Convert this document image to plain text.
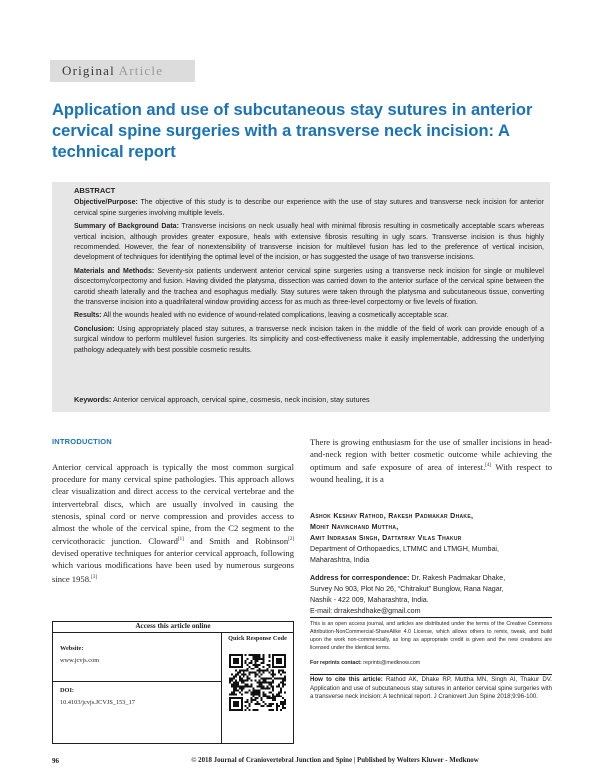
Original Article
Application and use of subcutaneous stay sutures in anterior cervical spine surgeries with a transverse neck incision: A technical report
ABSTRACT

Objective/Purpose: The objective of this study is to describe our experience with the use of stay sutures and transverse neck incision for anterior cervical spine surgeries involving multiple levels.

Summary of Background Data: Transverse incisions on neck usually heal with minimal fibrosis resulting in cosmetically acceptable scars whereas vertical incision, although provides greater exposure, heals with extensive fibrosis resulting in ugly scars. Transverse incision is thus highly recommended. However, the fear of nonextensibility of transverse incision for multilevel fusion has led to the preference of vertical incision, development of techniques for identifying the optimal level of the incision, or has suggested the usage of two transverse incisions.

Materials and Methods: Seventy-six patients underwent anterior cervical spine surgeries using a transverse neck incision for single or multilevel discectomy/corpectomy and fusion. Having divided the platysma, dissection was carried down to the anterior surface of the cervical spine between the carotid sheath laterally and the trachea and esophagus medially. Stay sutures were taken through the platysma and subcutaneous tissue, converting the transverse incision into a quadrilateral window providing access for as much as three-level corpectomy or five levels of fixation.

Results: All the wounds healed with no evidence of wound-related complications, leaving a cosmetically acceptable scar.

Conclusion: Using appropriately placed stay sutures, a transverse neck incision taken in the middle of the field of work can provide enough of a surgical window to perform multilevel fusion surgeries. Its simplicity and cost-effectiveness make it easily implementable, addressing the underlying pathology adequately with best possible cosmetic results.

Keywords: Anterior cervical approach, cervical spine, cosmesis, neck incision, stay sutures
INTRODUCTION
Anterior cervical approach is typically the most common surgical procedure for many cervical spine pathologies. This approach allows clear visualization and direct access to the cervical vertebrae and the intervertebral discs, which are usually involved in causing the stenosis, spinal cord or nerve compression and provides access to almost the whole of the cervical spine, from the C2 segment to the cervicothoracic junction. Cloward[1] and Smith and Robinson[2] devised operative techniques for anterior cervical approach, following which various modifications have been used by numerous surgeons since 1958.[3]
There is growing enthusiasm for the use of smaller incisions in head-and-neck region with better cosmetic outcome while achieving the optimum and safe exposure of area of interest.[4] With respect to wound healing, it is a
Ashok Keshav Rathod, Rakesh Padmakar Dhake,
Mohit Navinchand Muttha,
Amit Indrasan Singh, Dattatray Vilas Thakur
Department of Orthopaedics, LTMMC and LTMGH, Mumbai,
Maharashtra, India
Address for correspondence: Dr. Rakesh Padmakar Dhake,
Survey No 903, Plot No 26, “Chitrakut” Bunglow, Rana Nagar,
Nashik - 422 009, Maharashtra, India.
E-mail: drrakeshdhake@gmail.com
This is an open access journal, and articles are distributed under the terms of the Creative Commons Attribution-NonCommercial-ShareAlike 4.0 License, which allows others to remix, tweak, and build upon the work non-commercially, as long as appropriate credit is given and the new creations are licensed under the identical terms.
For reprints contact: reprints@medknow.com
How to cite this article: Rathod AK, Dhake RP, Muttha MN, Singh AI, Thakur DV. Application and use of subcutaneous stay sutures in anterior cervical spine surgeries with a transverse neck incision: A technical report. J Craniovert Jun Spine 2018;9:96-100.
Access this article online
Quick Response Code
Website:
www.jcvjs.com
DOI:
10.4103/jcvjs.JCVJS_153_17
96	© 2018 Journal of Craniovertebral Junction and Spine | Published by Wolters Kluwer - Medknow
